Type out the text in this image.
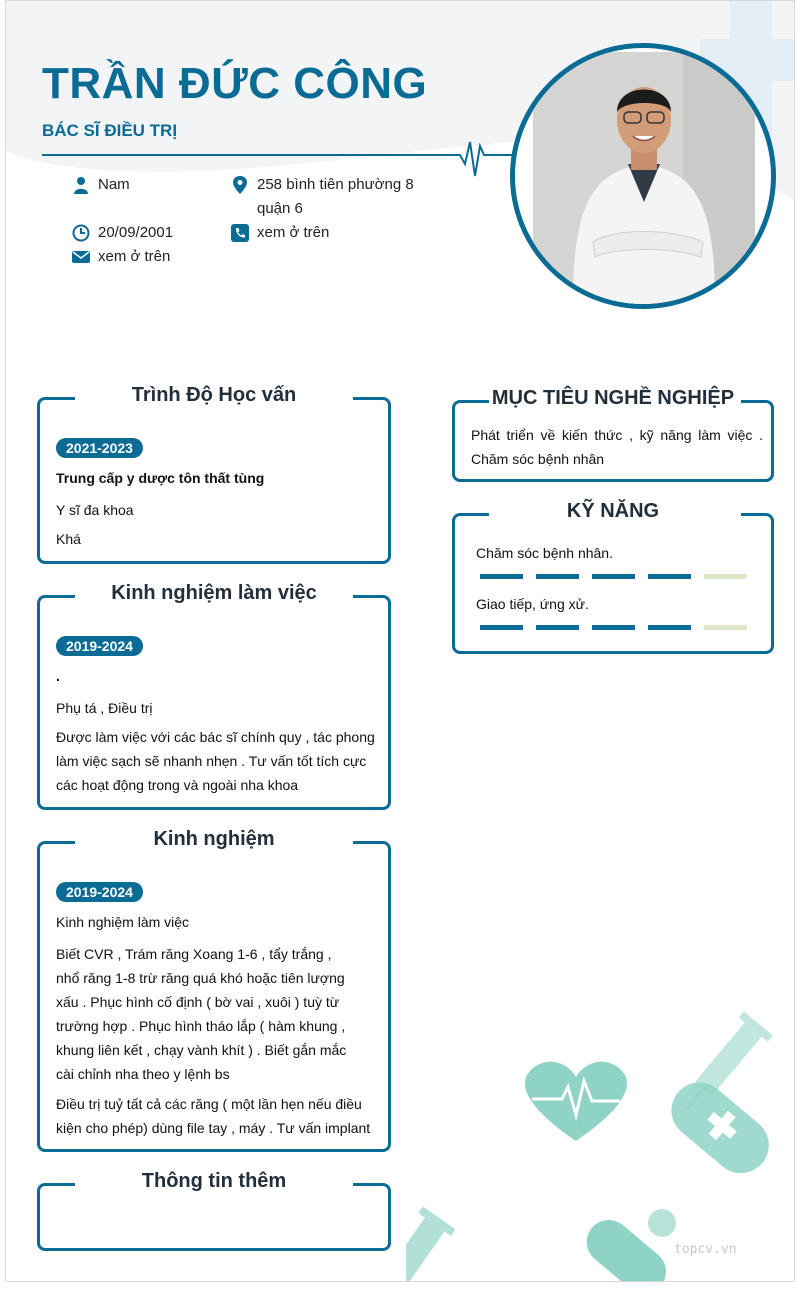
TRẦN ĐỨC CÔNG
BÁC SĨ ĐIỀU TRỊ
Nam
20/09/2001
xem ở trên
258 bình tiên phường 8
quận 6
xem ở trên
Trình Độ Học vấn
2021-2023
Trung cấp y dược tôn thất tùng
Y sĩ đa khoa
Khá
Kinh nghiệm làm việc
2019-2024
.
Phụ tá , Điều trị
Được làm việc với các bác sĩ chính quy , tác phong
làm việc sạch sẽ nhanh nhẹn . Tư vấn tốt tích cực
các hoạt động trong và ngoài nha khoa
Kinh nghiệm
2019-2024
Kinh nghiệm làm việc
Biết CVR , Trám răng Xoang 1-6 , tẩy trắng ,
nhổ răng 1-8 trừ răng quá khó hoặc tiên lượng
xấu . Phục hình cố định ( bờ vai , xuôi ) tuỳ từ
trường hợp . Phục hình tháo lắp ( hàm khung ,
khung liên kết , chạy vành khít ) . Biết gắn mắc
cài chỉnh nha theo y lệnh bs
Điều trị tuỷ tất cả các răng ( một lần hẹn nếu điều
kiện cho phép) dùng file tay , máy . Tư vấn implant
Thông tin thêm
MỤC TIÊU NGHỀ NGHIỆP
Phát triển về kiến thức , kỹ năng làm việc .
Chăm sóc bệnh nhân
KỸ NĂNG
Chăm sóc bệnh nhân.
Giao tiếp, ứng xử.
topcv.vn
